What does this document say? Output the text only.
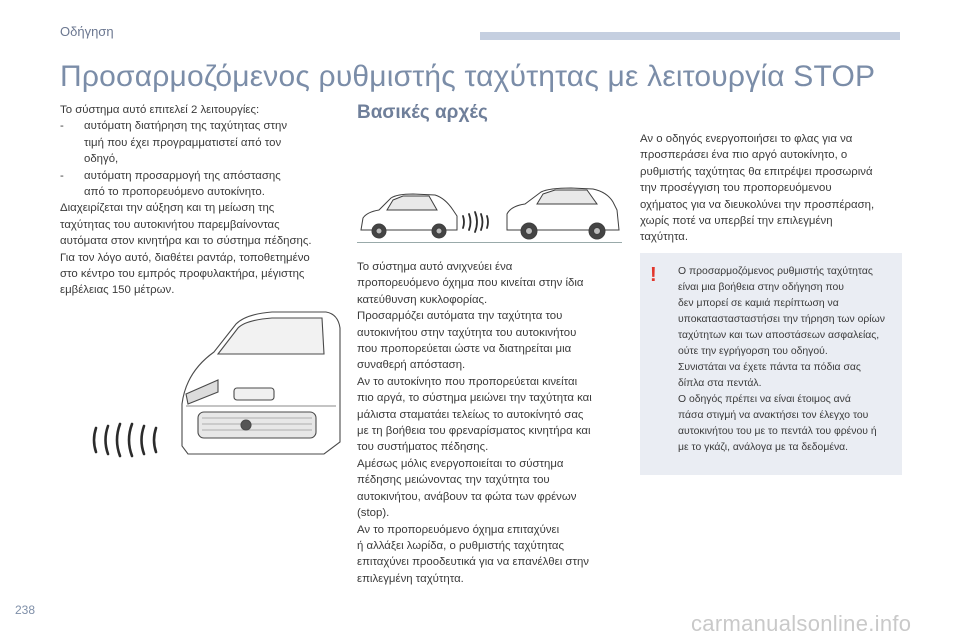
Οδήγηση
Προσαρμοζόμενος ρυθμιστής ταχύτητας με λειτουργία STOP
Το σύστημα αυτό επιτελεί 2 λειτουργίες:
-	αυτόματη διατήρηση της ταχύτητας στην
τιμή που έχει προγραμματιστεί από τον
οδηγό,
-	αυτόματη προσαρμογή της απόστασης
από το προπορευόμενο αυτοκίνητο.
Διαχειρίζεται την αύξηση και τη μείωση της
ταχύτητας του αυτοκινήτου παρεμβαίνοντας
αυτόματα στον κινητήρα και το σύστημα πέδησης.
Για τον λόγο αυτό, διαθέτει ραντάρ, τοποθετημένο
στο κέντρο του εμπρός προφυλακτήρα, μέγιστης
εμβέλειας 150 μέτρων.
Βασικές αρχές

Το σύστημα αυτό ανιχνεύει ένα

προπορευόμενο όχημα που κινείται στην ίδια

κατεύθυνση κυκλοφορίας.

Προσαρμόζει αυτόματα την ταχύτητα του

αυτοκινήτου στην ταχύτητα του αυτοκινήτου

που προπορεύεται ώστε να διατηρείται μια

συναθερή απόσταση.

Αν το αυτοκίνητο που προπορεύεται κινείται

πιο αργά, το σύστημα μειώνει την ταχύτητα και

μάλιστα σταματάει τελείως το αυτοκίνητό σας

με τη βοήθεια του φρεναρίσματος κινητήρα και

του συστήματος πέδησης.

Αμέσως μόλις ενεργοποιείται το σύστημα

πέδησης μειώνοντας την ταχύτητα του

αυτοκινήτου, ανάβουν τα φώτα των φρένων

(stop).

Αν το προπορευόμενο όχημα επιταχύνει

ή αλλάξει λωρίδα, ο ρυθμιστής ταχύτητας

επιταχύνει προοδευτικά για να επανέλθει στην

επιλεγμένη ταχύτητα.

Αν ο οδηγός ενεργοποιήσει το φλας για να

προσπεράσει ένα πιο αργό αυτοκίνητο, ο

ρυθμιστής ταχύτητας θα επιτρέψει προσωρινά

την προσέγγιση του προπορευόμενου

οχήματος για να διευκολύνει την προσπέραση,

χωρίς ποτέ να υπερβεί την επιλεγμένη

ταχύτητα.

!	Ο προσαρμοζόμενος ρυθμιστής ταχύτητας

είναι μια βοήθεια στην οδήγηση που

δεν μπορεί σε καμιά περίπτωση να

υποκαταστασταστήσει την τήρηση των ορίων

ταχύτητων και των αποστάσεων ασφαλείας,

ούτε την εγρήγορση του οδηγού.

Συνιστάται να έχετε πάντα τα πόδια σας

δίπλα στα πεντάλ.

Ο οδηγός πρέπει να είναι έτοιμος ανά

πάσα στιγμή να ανακτήσει τον έλεγχο του

αυτοκινήτου του με το πεντάλ του φρένου ή

με το γκάζι, ανάλογα με τα δεδομένα.

238
carmanualsonline.info
